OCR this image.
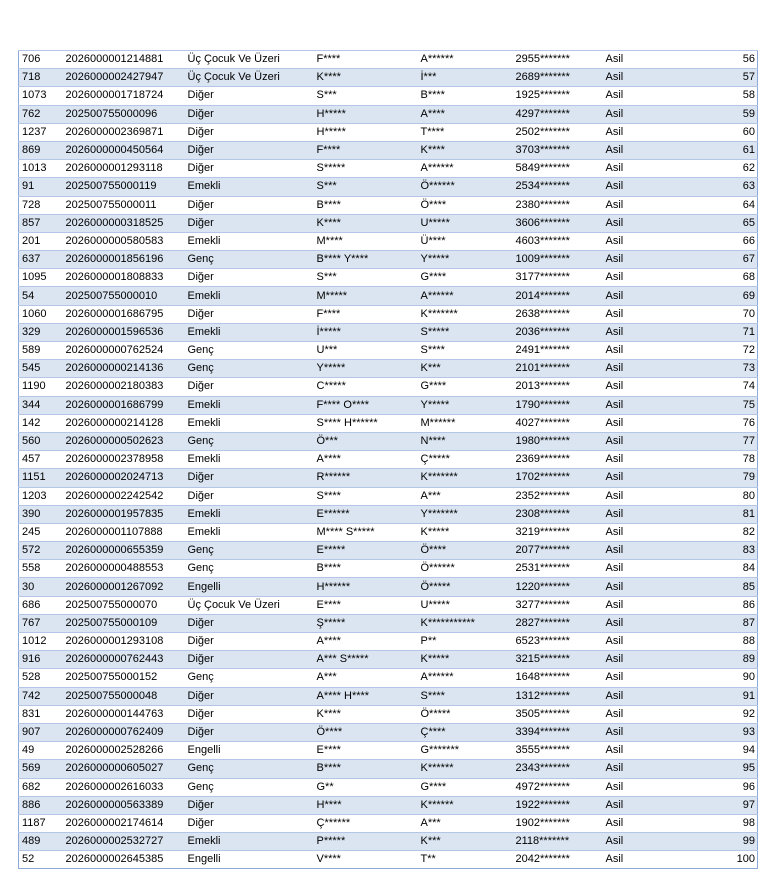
706	2026000001214881	Üç Çocuk Ve Üzeri	F****	A******	2955*******	Asil	56
718	2026000002427947	Üç Çocuk Ve Üzeri	K****	İ***	2689*******	Asil	57
1073	2026000001718724	Diğer	S***	B****	1925*******	Asil	58
762	202500755000096	Diğer	H*****	A****	4297*******	Asil	59
1237	2026000002369871	Diğer	H*****	T****	2502*******	Asil	60
869	2026000000450564	Diğer	F****	K****	3703*******	Asil	61
1013	2026000001293118	Diğer	S*****	A******	5849*******	Asil	62
91	202500755000119	Emekli	S***	Ö******	2534*******	Asil	63
728	202500755000011	Diğer	B****	Ö****	2380*******	Asil	64
857	2026000000318525	Diğer	K****	U*****	3606*******	Asil	65
201	2026000000580583	Emekli	M****	Ü****	4603*******	Asil	66
637	2026000001856196	Genç	B**** Y****	Y*****	1009*******	Asil	67
1095	2026000001808833	Diğer	S***	G****	3177*******	Asil	68
54	202500755000010	Emekli	M*****	A******	2014*******	Asil	69
1060	2026000001686795	Diğer	F****	K*******	2638*******	Asil	70
329	2026000001596536	Emekli	İ*****	S*****	2036*******	Asil	71
589	2026000000762524	Genç	U***	S****	2491*******	Asil	72
545	2026000000214136	Genç	Y*****	K***	2101*******	Asil	73
1190	2026000002180383	Diğer	C*****	G****	2013*******	Asil	74
344	2026000001686799	Emekli	F**** O****	Y*****	1790*******	Asil	75
142	2026000000214128	Emekli	S**** H******	M******	4027*******	Asil	76
560	2026000000502623	Genç	Ö***	N****	1980*******	Asil	77
457	2026000002378958	Emekli	A****	Ç*****	2369*******	Asil	78
1151	2026000002024713	Diğer	R******	K*******	1702*******	Asil	79
1203	2026000002242542	Diğer	S****	A***	2352*******	Asil	80
390	2026000001957835	Emekli	E******	Y*******	2308*******	Asil	81
245	2026000001107888	Emekli	M**** S*****	K*****	3219*******	Asil	82
572	2026000000655359	Genç	E*****	Ö****	2077*******	Asil	83
558	2026000000488553	Genç	B****	Ö******	2531*******	Asil	84
30	2026000001267092	Engelli	H******	Ö*****	1220*******	Asil	85
686	202500755000070	Üç Çocuk Ve Üzeri	E****	U*****	3277*******	Asil	86
767	202500755000109	Diğer	Ş*****	K***********	2827*******	Asil	87
1012	2026000001293108	Diğer	A****	P**	6523*******	Asil	88
916	2026000000762443	Diğer	A*** S*****	K*****	3215*******	Asil	89
528	202500755000152	Genç	A***	A******	1648*******	Asil	90
742	202500755000048	Diğer	A**** H****	S****	1312*******	Asil	91
831	2026000000144763	Diğer	K****	Ö*****	3505*******	Asil	92
907	2026000000762409	Diğer	Ö****	Ç****	3394*******	Asil	93
49	2026000002528266	Engelli	E****	G*******	3555*******	Asil	94
569	2026000000605027	Genç	B****	K******	2343*******	Asil	95
682	2026000002616033	Genç	G**	G****	4972*******	Asil	96
886	2026000000563389	Diğer	H****	K******	1922*******	Asil	97
1187	2026000002174614	Diğer	Ç******	A***	1902*******	Asil	98
489	2026000002532727	Emekli	P*****	K***	2118*******	Asil	99
52	2026000002645385	Engelli	V****	T**	2042*******	Asil	100
